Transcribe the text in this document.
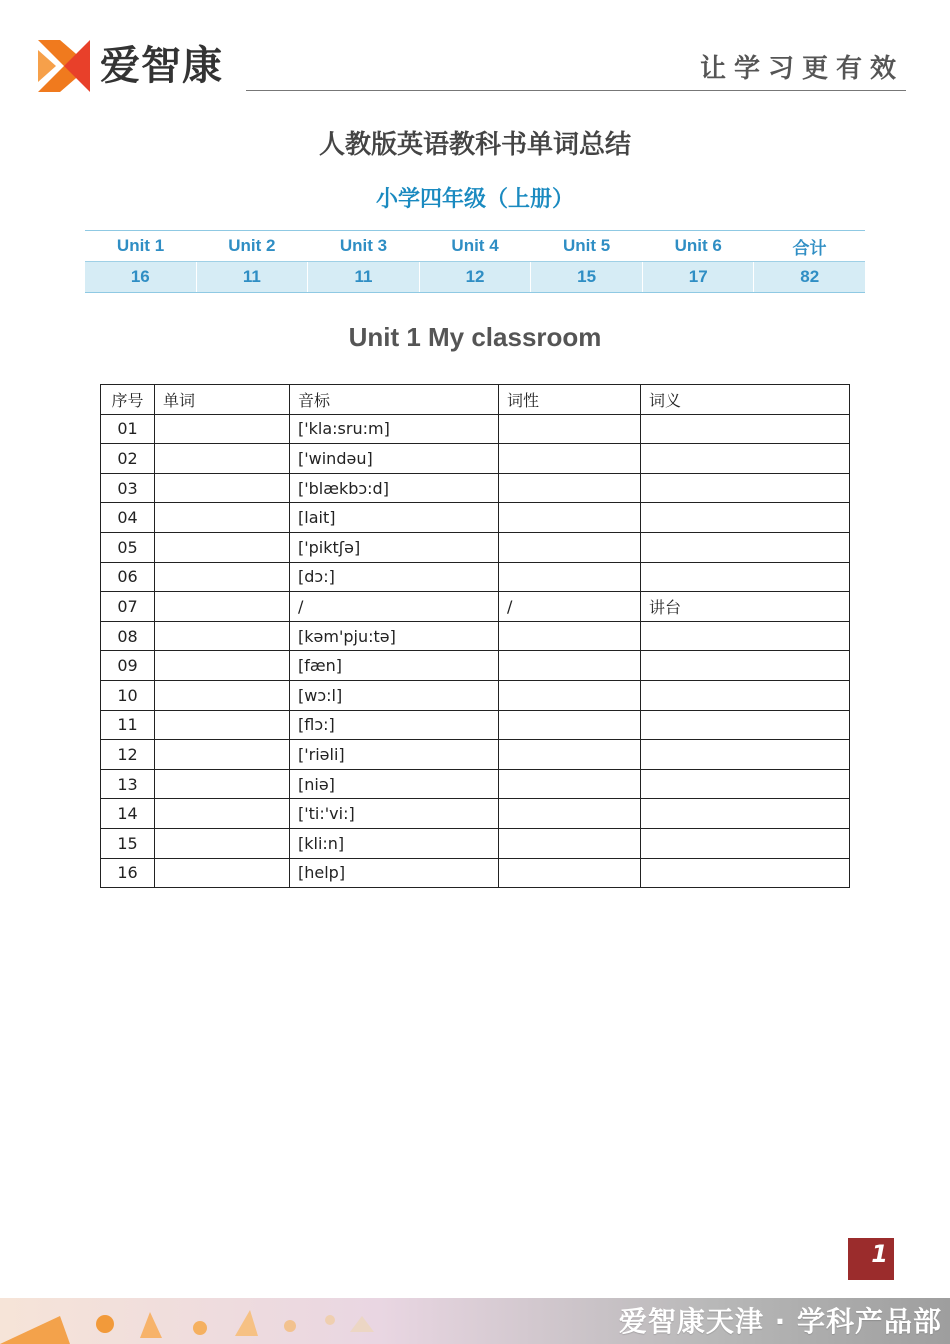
爱智康	让学习更有效
人教版英语教科书单词总结
小学四年级（上册）
Unit 1	Unit 2	Unit 3	Unit 4	Unit 5	Unit 6	合计
16	11	11	12	15	17	82
Unit 1 My classroom
序号	单词	音标	词性	词义
01		['kla:sru:m]		
02		['windəu]		
03		['blækbɔ:d]		
04		[lait]		
05		['piktʃə]		
06		[dɔ:]		
07		/	/	讲台
08		[kəm'pju:tə]		
09		[fæn]		
10		[wɔ:l]		
11		[flɔ:]		
12		['riəli]		
13		[niə]		
14		['ti:'vi:]		
15		[kli:n]		
16		[help]		
1
爱智康天津 · 学科产品部
